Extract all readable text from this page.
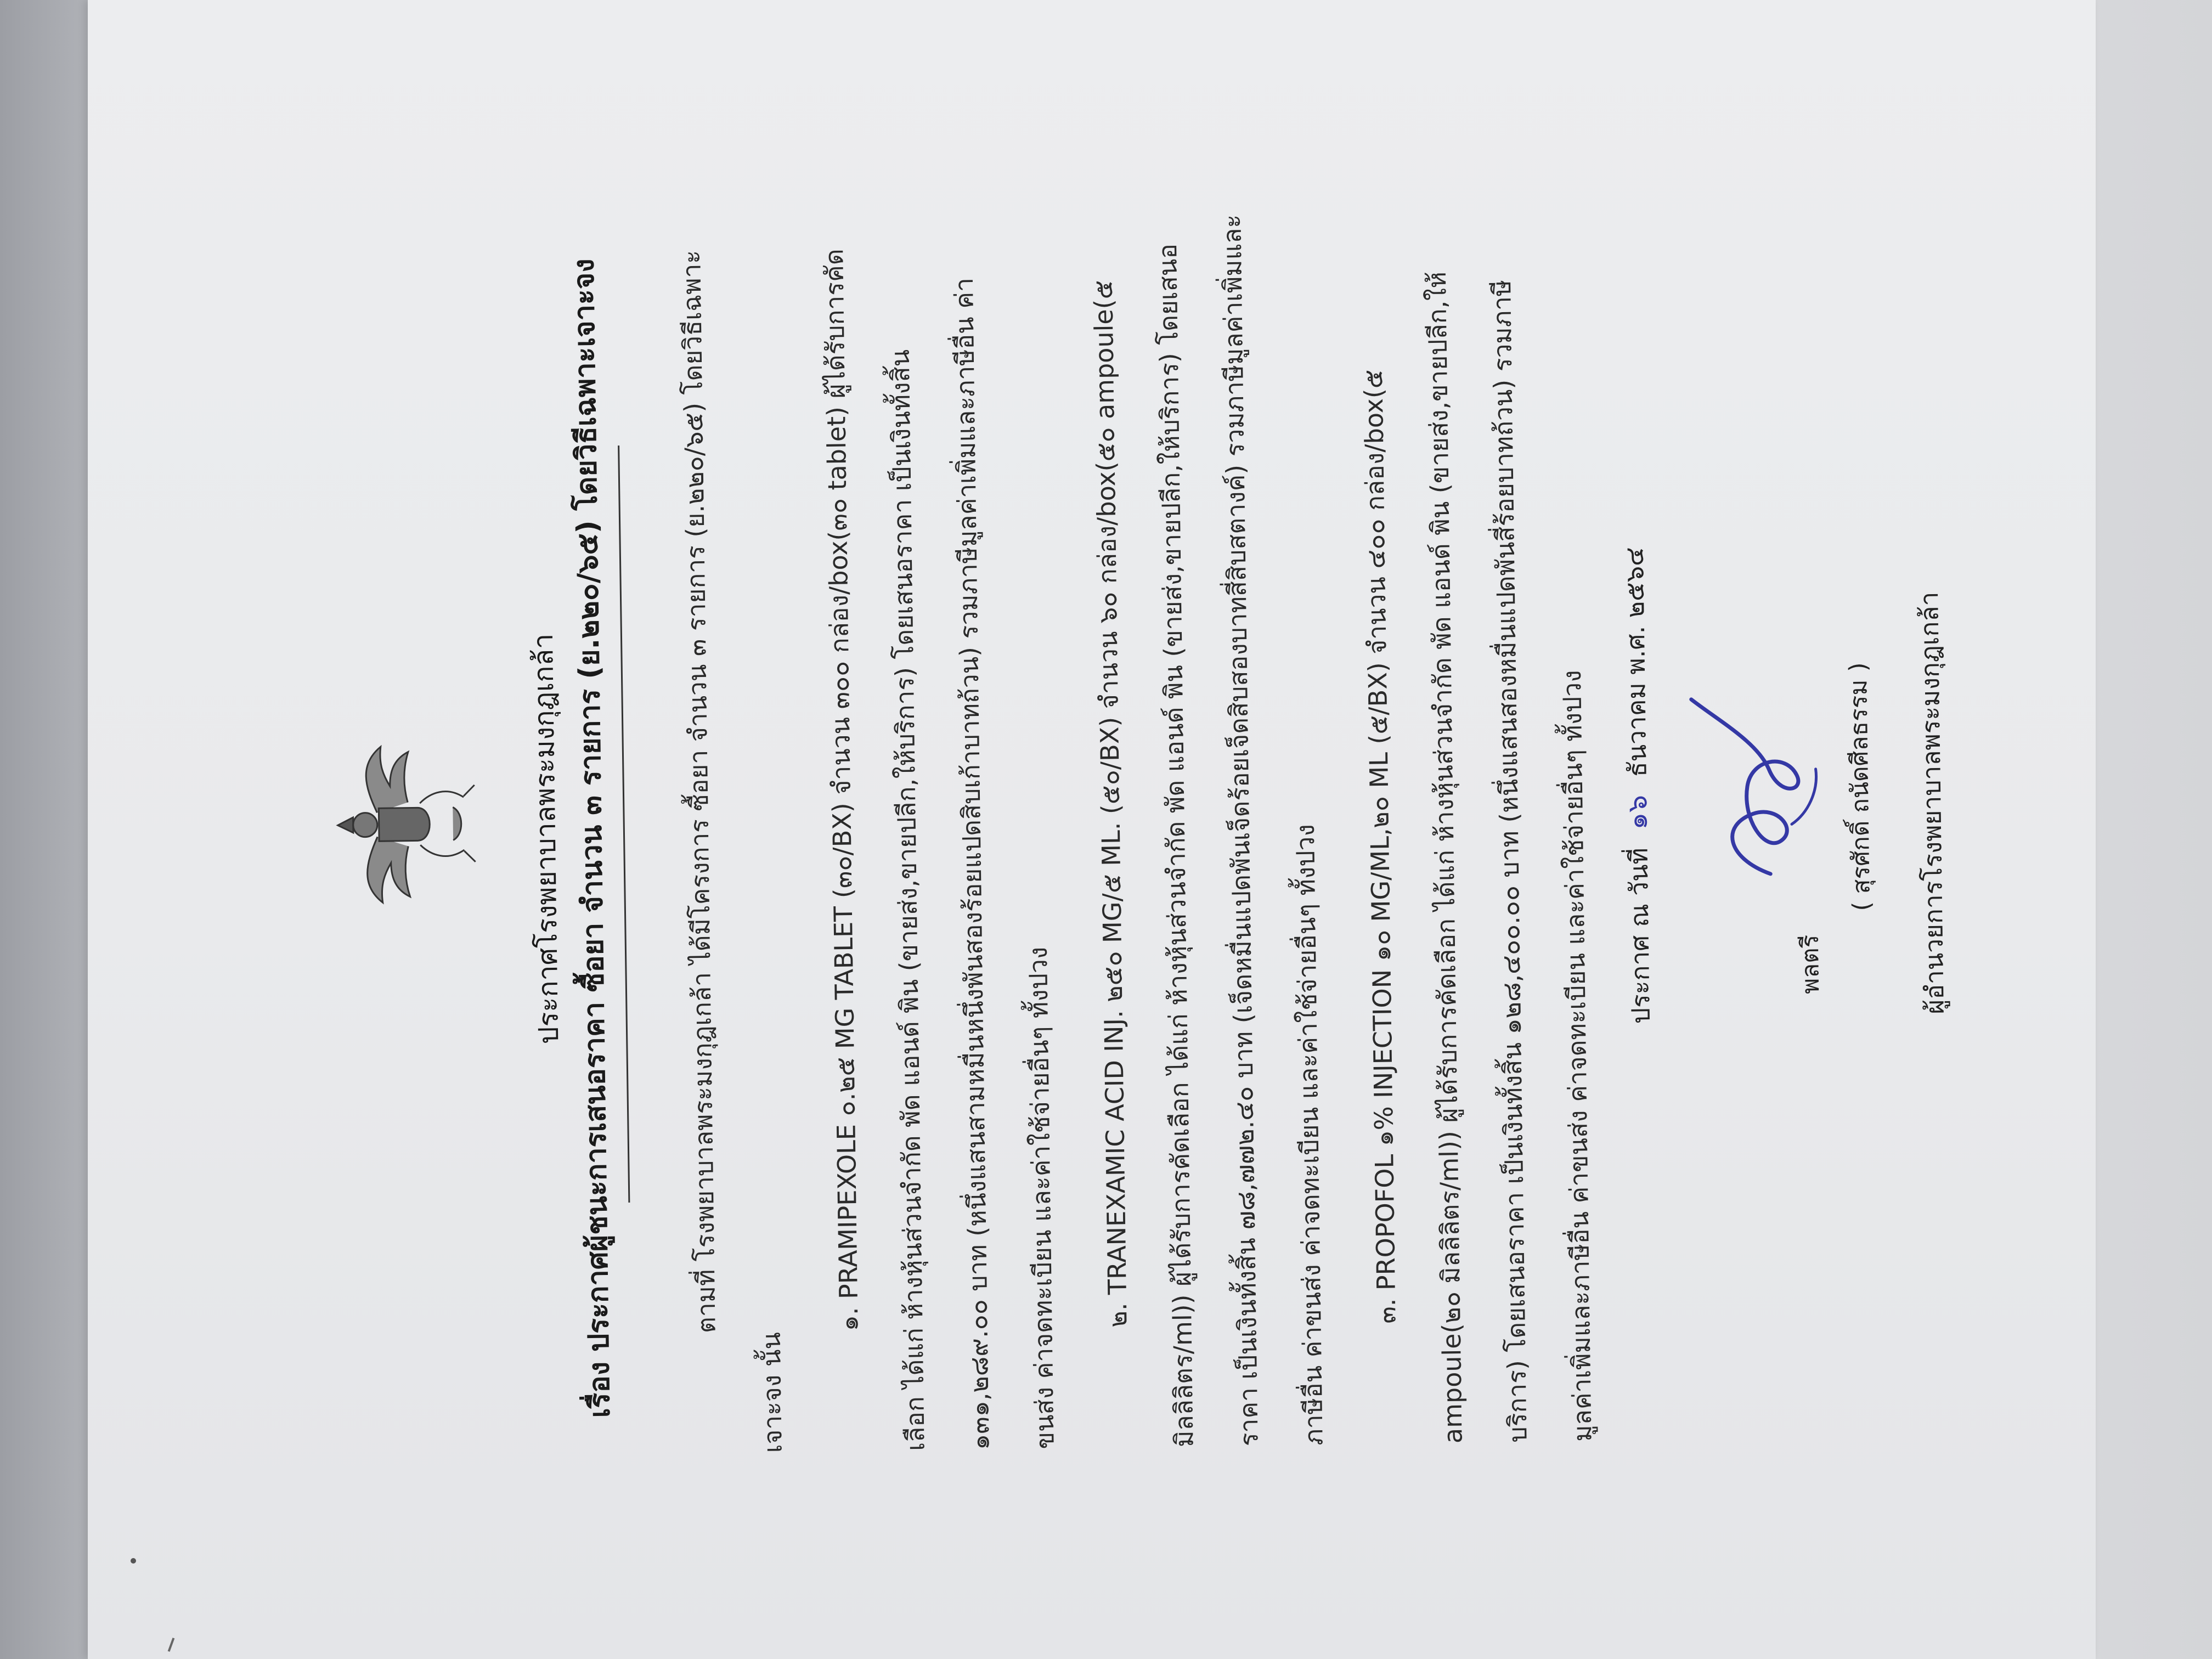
ประกาศโรงพยาบาลพระมงกุฎเกล้า เรื่อง ประกาศผู้ชนะการเสนอราคา ซื้อยา จำนวน ๓ รายการ (ย.๒๒๐/๖๕) โดยวิธีเฉพาะเจาะจง	ตามที่ โรงพยาบาลพระมงกุฎเกล้า ได้มีโครงการ ซื้อยา จำนวน ๓ รายการ (ย.๒๒๐/๖๕) โดยวิธีเฉพาะ
เจาะจง นั้น
๑. PRAMIPEXOLE ๐.๒๕ MG TABLET (๓๐/BX) จำนวน ๓๐๐ กล่อง/box(๓๐ tablet) ผู้ได้รับการคัด เลือก ได้แก่ ห้างหุ้นส่วนจำกัด พัด แอนด์ พิน (ขายส่ง,ขายปลีก,ให้บริการ) โดยเสนอราคา เป็นเงินทั้งสิ้น ๑๓๑,๒๘๙.๐๐ บาท (หนึ่งแสนสามหมื่นหนึ่งพันสองร้อยแปดสิบเก้าบาทถ้วน) รวมภาษีมูลค่าเพิ่มและภาษีอื่น ค่า	ขนส่ง ค่าจดทะเบียน และค่าใช้จ่ายอื่นๆ ทั้งปวง	๒. TRANEXAMIC ACID INJ. ๒๕๐ MG/๕ ML. (๕๐/BX) จำนวน ๖๐ กล่อง/box(๕๐ ampoule(๕ มิลลิลิตร/ml)) ผู้ได้รับการคัดเลือก ได้แก่ ห้างหุ้นส่วนจำกัด พัด แอนด์ พิน (ขายส่ง,ขายปลีก,ให้บริการ) โดยเสนอ ราคา เป็นเงินทั้งสิ้น ๗๘,๗๗๒.๔๐ บาท (เจ็ดหมื่นแปดพันเจ็ดร้อยเจ็ดสิบสองบาทสี่สิบสตางค์) รวมภาษีมูลค่าเพิ่มและ	ภาษีอื่น ค่าขนส่ง ค่าจดทะเบียน และค่าใช้จ่ายอื่นๆ ทั้งปวง	๓. PROPOFOL ๑% INJECTION ๑๐ MG/ML,๒๐ ML (๕/BX) จำนวน ๔๐๐ กล่อง/box(๕ ampoule(๒๐ มิลลิลิตร/ml)) ผู้ได้รับการคัดเลือก ได้แก่ ห้างหุ้นส่วนจำกัด พัด แอนด์ พิน (ขายส่ง,ขายปลีก,ให้ บริการ) โดยเสนอราคา เป็นเงินทั้งสิ้น ๑๒๘,๔๐๐.๐๐ บาท (หนึ่งแสนสองหมื่นแปดพันสี่ร้อยบาทถ้วน) รวมภาษี มูลค่าเพิ่มและภาษีอื่น ค่าขนส่ง ค่าจดทะเบียน และค่าใช้จ่ายอื่นๆ ทั้งปวง	ประกาศ ณ วันที่ ๑๖ ธันวาคม พ.ศ. ๒๕๖๔
พลตรี
( สุรศักดิ์ ถนัดศีลธรรม ) ผู้อำนวยการโรงพยาบาลพระมงกุฎเกล้า
